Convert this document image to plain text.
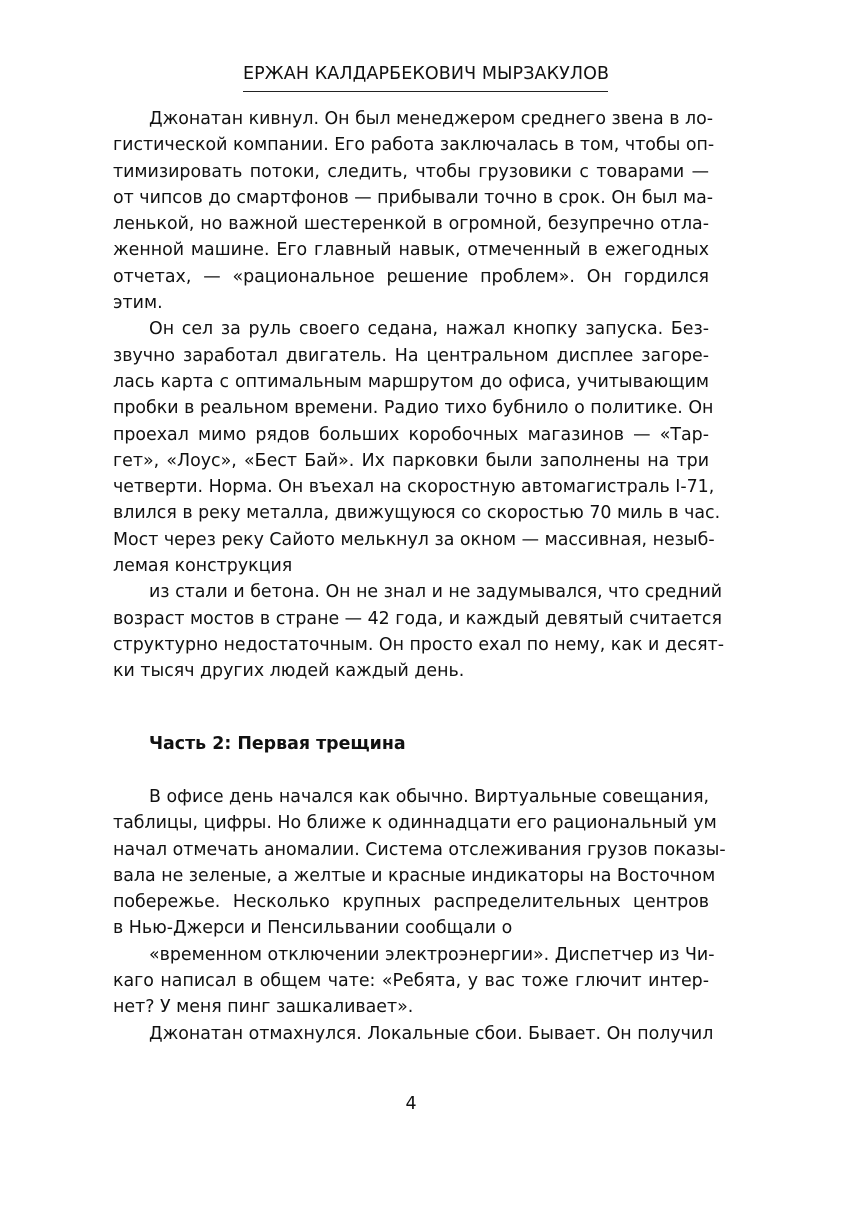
ЕРЖАН КАЛДАРБЕКОВИЧ МЫРЗАКУЛОВ
Джонатан кивнул. Он был менеджером среднего звена в ло-
гистической компании. Его работа заключалась в том, чтобы оп-
тимизировать потоки, следить, чтобы грузовики с товарами —
от чипсов до смартфонов — прибывали точно в срок. Он был ма-
ленькой, но важной шестеренкой в огромной, безупречно отла-
женной машине. Его главный навык, отмеченный в ежегодных
отчетах, — «рациональное решение проблем». Он гордился
этим.
Он сел за руль своего седана, нажал кнопку запуска. Без-
звучно заработал двигатель. На центральном дисплее загоре-
лась карта с оптимальным маршрутом до офиса, учитывающим
пробки в реальном времени. Радио тихо бубнило о политике. Он
проехал мимо рядов больших коробочных магазинов — «Тар-
гет», «Лоус», «Бест Бай». Их парковки были заполнены на три
четверти. Норма. Он въехал на скоростную автомагистраль I-71,
влился в реку металла, движущуюся со скоростью 70 миль в час.
Мост через реку Сайото мелькнул за окном — массивная, незыб-
лемая конструкция
из стали и бетона. Он не знал и не задумывался, что средний
возраст мостов в стране — 42 года, и каждый девятый считается
структурно недостаточным. Он просто ехал по нему, как и десят-
ки тысяч других людей каждый день.
Часть 2: Первая трещина
В офисе день начался как обычно. Виртуальные совещания,
таблицы, цифры. Но ближе к одиннадцати его рациональный ум
начал отмечать аномалии. Система отслеживания грузов показы-
вала не зеленые, а желтые и красные индикаторы на Восточном
побережье. Несколько крупных распределительных центров
в Нью-Джерси и Пенсильвании сообщали о
«временном отключении электроэнергии». Диспетчер из Чи-
каго написал в общем чате: «Ребята, у вас тоже глючит интер-
нет? У меня пинг зашкаливает».
Джонатан отмахнулся. Локальные сбои. Бывает. Он получил
4
